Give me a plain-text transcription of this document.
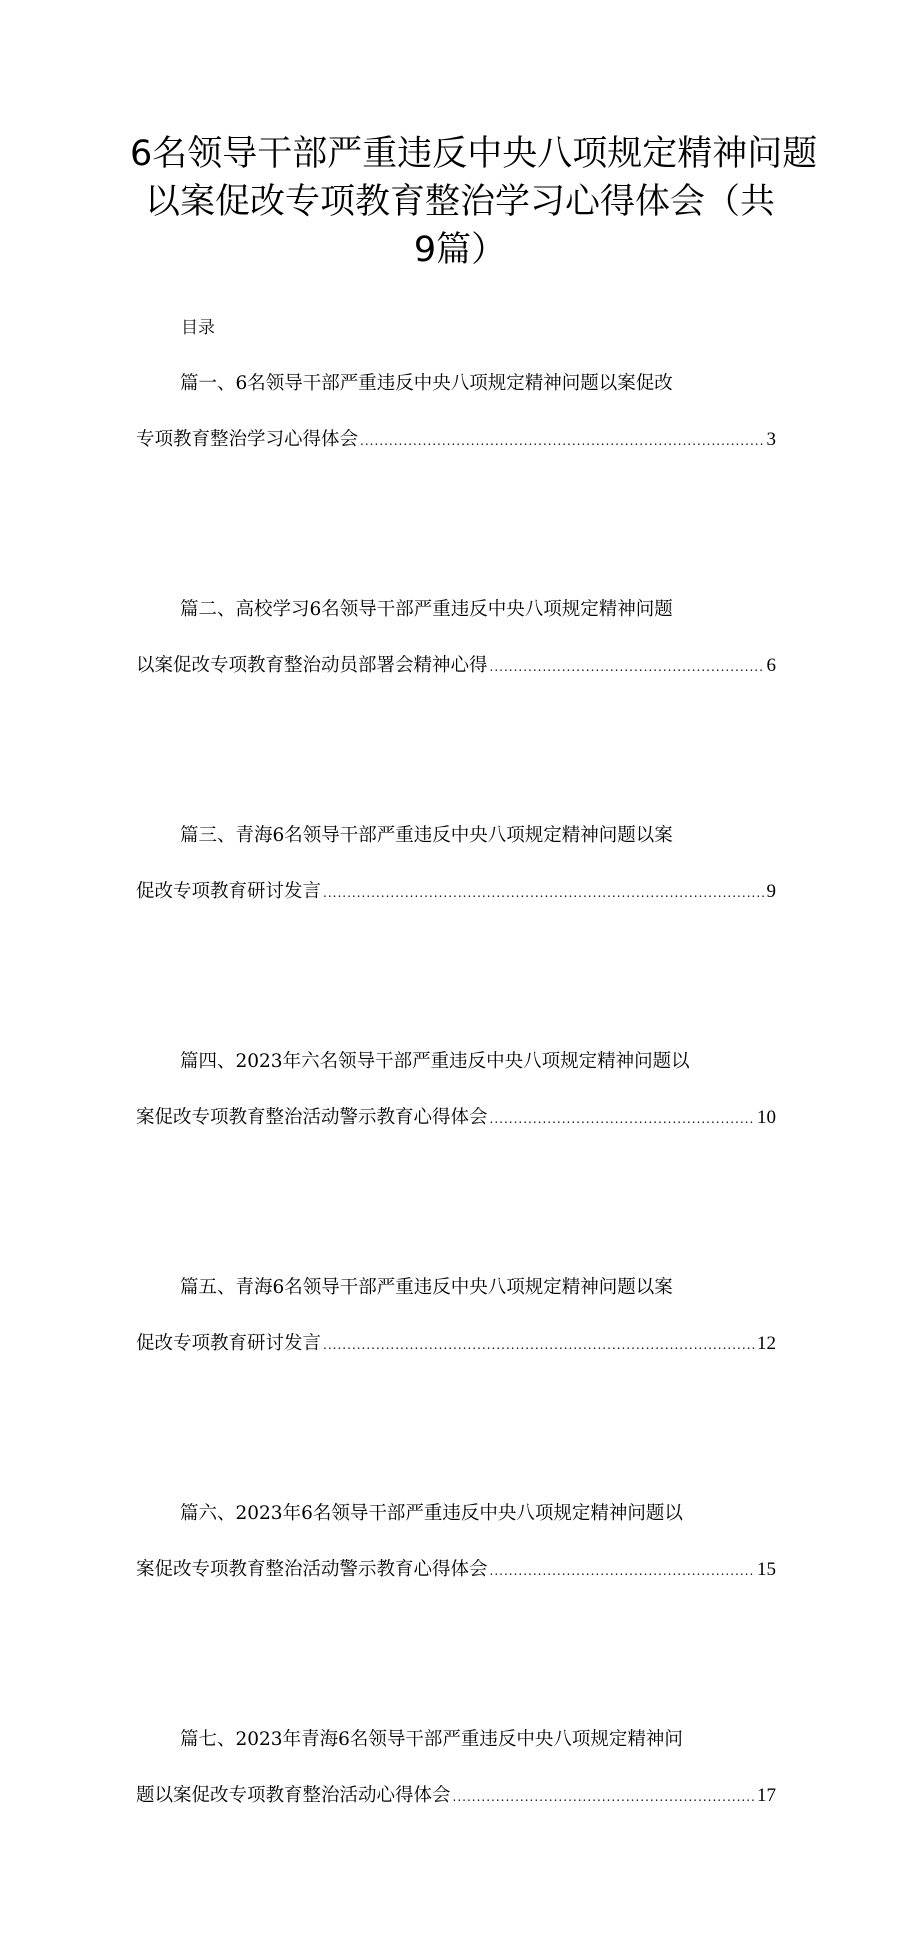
6名领导干部严重违反中央八项规定精神问题
以案促改专项教育整治学习心得体会（共
9篇）
目录
篇一、6名领导干部严重违反中央八项规定精神问题以案促改
专项教育整治学习心得体会 .....	3
篇二、高校学习6名领导干部严重违反中央八项规定精神问题
以案促改专项教育整治动员部署会精神心得 .....	6
篇三、青海6名领导干部严重违反中央八项规定精神问题以案
促改专项教育研讨发言 .....	9
篇四、2023年六名领导干部严重违反中央八项规定精神问题以
案促改专项教育整治活动警示教育心得体会 .....	10
篇五、青海6名领导干部严重违反中央八项规定精神问题以案
促改专项教育研讨发言 .....	12
篇六、2023年6名领导干部严重违反中央八项规定精神问题以
案促改专项教育整治活动警示教育心得体会 .....	15
篇七、2023年青海6名领导干部严重违反中央八项规定精神问
题以案促改专项教育整治活动心得体会 .....	17
